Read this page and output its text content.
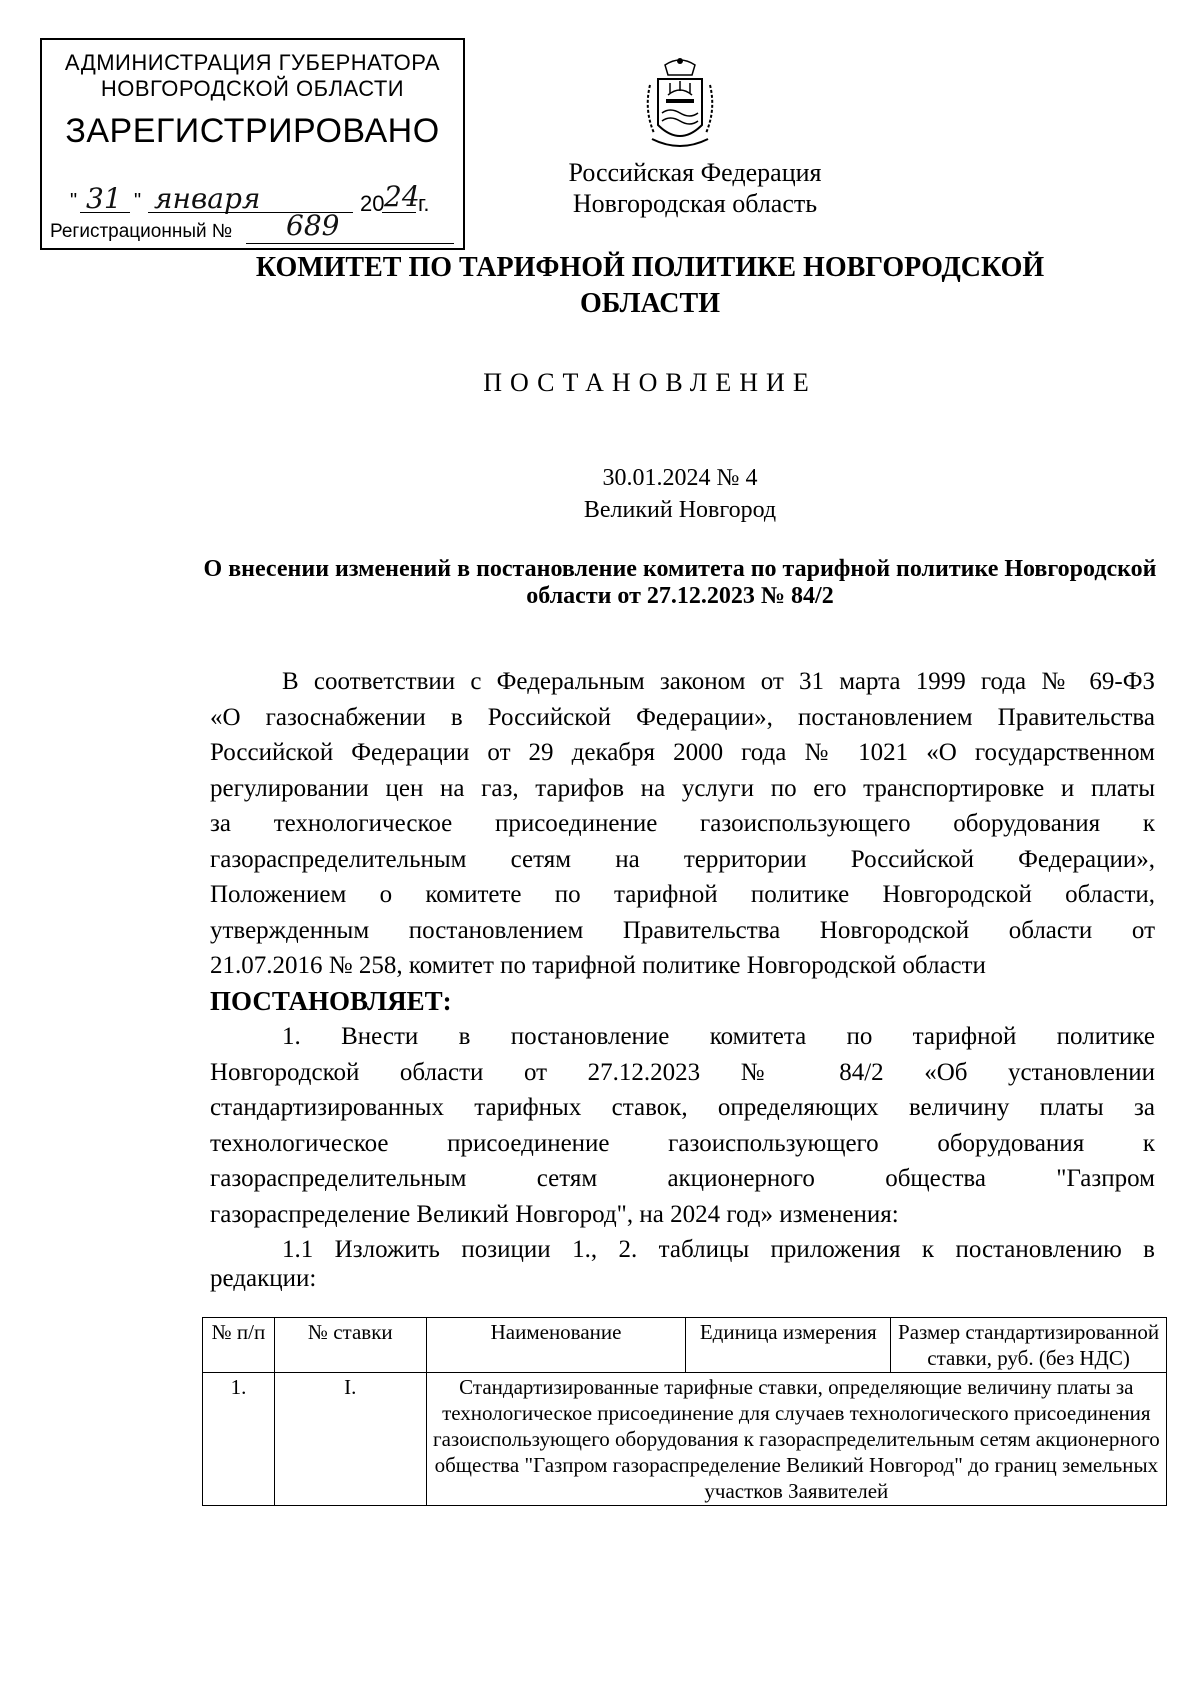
АДМИНИСТРАЦИЯ ГУБЕРНАТОРА
НОВГОРОДСКОЙ ОБЛАСТИ
ЗАРЕГИСТРИРОВАНО
" 31 " января	20 24
г.
Регистрационный № 689
Российская Федерация
Новгородская область
КОМИТЕТ ПО ТАРИФНОЙ ПОЛИТИКЕ НОВГОРОДСКОЙ ОБЛАСТИ
ПОСТАНОВЛЕНИЕ
30.01.2024 № 4
Великий Новгород
О внесении изменений в постановление комитета по тарифной политике Новгородской области от 27.12.2023 № 84/2
В соответствии с Федеральным законом от 31 марта 1999 года № 69-ФЗ
«О газоснабжении в Российской Федерации», постановлением Правительства
Российской Федерации от 29 декабря 2000 года № 1021 «О государственном
регулировании цен на газ, тарифов на услуги по его транспортировке и платы
за технологическое присоединение газоиспользующего оборудования к
газораспределительным сетям на территории Российской Федерации»,
Положением о комитете по тарифной политике Новгородской области,
утвержденным постановлением Правительства Новгородской области от
21.07.2016 № 258, комитет по тарифной политике Новгородской области
ПОСТАНОВЛЯЕТ:
1. Внести в постановление комитета по тарифной политике
Новгородской области от 27.12.2023 № 84/2 «Об установлении
стандартизированных тарифных ставок, определяющих величину платы за
технологическое присоединение газоиспользующего оборудования к
газораспределительным сетям акционерного общества "Газпром
газораспределение Великий Новгород", на 2024 год» изменения:
1.1 Изложить позиции 1., 2. таблицы приложения к постановлению в
редакции:
№ п/п	№ ставки	Наименование	Единица измерения	Размер стандартизированной ставки, руб. (без НДС)
1.	I.	Стандартизированные тарифные ставки, определяющие величину платы за технологическое присоединение для случаев технологического присоединения газоиспользующего оборудования к газораспределительным сетям акционерного общества "Газпром газораспределение Великий Новгород" до границ земельных участков Заявителей		
